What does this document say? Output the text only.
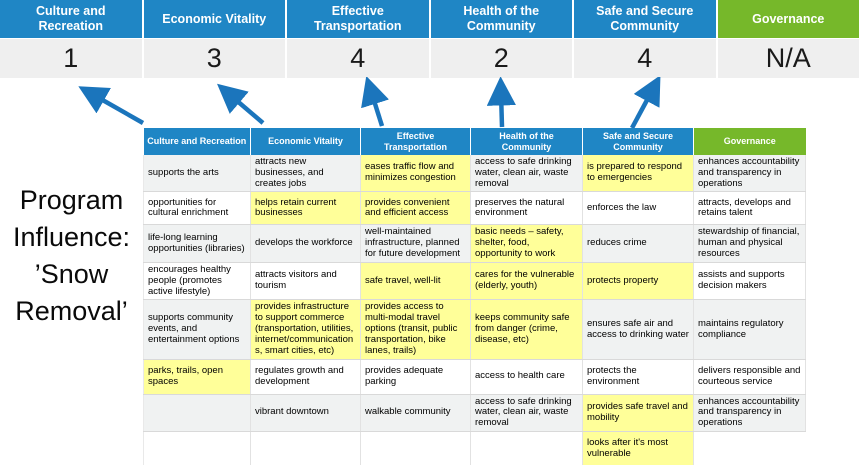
Culture and Recreation
1
Economic Vitality
3
Effective Transportation
4
Health of the Community
2
Safe and Secure Community
4
Governance
N/A
Program
Influence:
’Snow
Removal’
Culture and Recreation	Economic Vitality	Effective Transportation	Health of the Community	Safe and Secure Community	Governance
supports the arts	attracts new businesses, and creates jobs	eases traffic flow and minimizes congestion	access to safe drinking water, clean air, waste removal	is prepared to respond to emergencies	enhances accountability and transparency in operations
opportunities for cultural enrichment	helps retain current businesses	provides convenient and efficient access	preserves the natural environment	enforces the law	attracts, develops and retains talent
life-long learning opportunities (libraries)	develops the workforce	well-maintained infrastructure, planned for future development	basic needs – safety, shelter, food, opportunity to work	reduces crime	stewardship of financial, human and physical resources
encourages healthy people (promotes active lifestyle)	attracts visitors and tourism	safe travel, well-lit	cares for the vulnerable (elderly, youth)	protects property	assists and supports decision makers
supports community events, and entertainment options	provides infrastructure to support commerce (transportation, utilities, internet/communications, smart cities, etc)	provides access to multi-modal travel options (transit, public transportation, bike lanes, trails)	keeps community safe from danger (crime, disease, etc)	ensures safe air and access to drinking water	maintains regulatory compliance
parks, trails, open spaces	regulates growth and development	provides adequate parking	access to health care	protects the environment	delivers responsible and courteous service
	vibrant downtown	walkable community	access to safe drinking water, clean air, waste removal	provides safe travel and mobility	enhances accountability and transparency in operations
				looks after it's most vulnerable	
